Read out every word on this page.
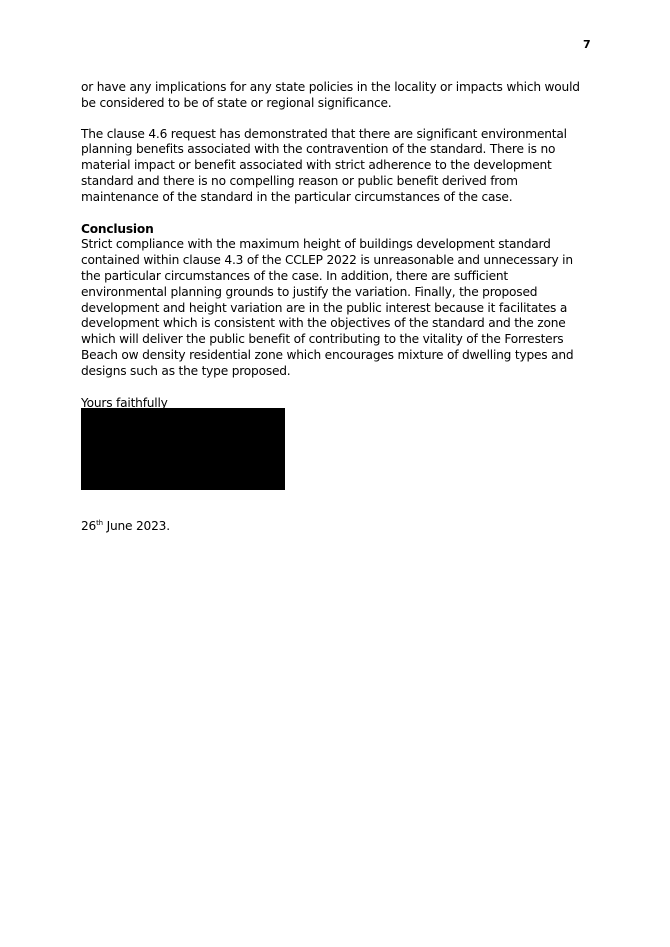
7

or have any implications for any state policies in the locality or impacts which would be considered to be of state or regional significance.

The clause 4.6 request has demonstrated that there are significant environmental planning benefits associated with the contravention of the standard. There is no material impact or benefit associated with strict adherence to the development standard and there is no compelling reason or public benefit derived from maintenance of the standard in the particular circumstances of the case.

Conclusion

Strict compliance with the maximum height of buildings development standard contained within clause 4.3 of the CCLEP 2022 is unreasonable and unnecessary in the particular circumstances of the case. In addition, there are sufficient environmental planning grounds to justify the variation. Finally, the proposed development and height variation are in the public interest because it facilitates a development which is consistent with the objectives of the standard and the zone which will deliver the public benefit of contributing to the vitality of the Forresters Beach ow density residential zone which encourages mixture of dwelling types and designs such as the type proposed.

Yours faithfully

26th June 2023.
